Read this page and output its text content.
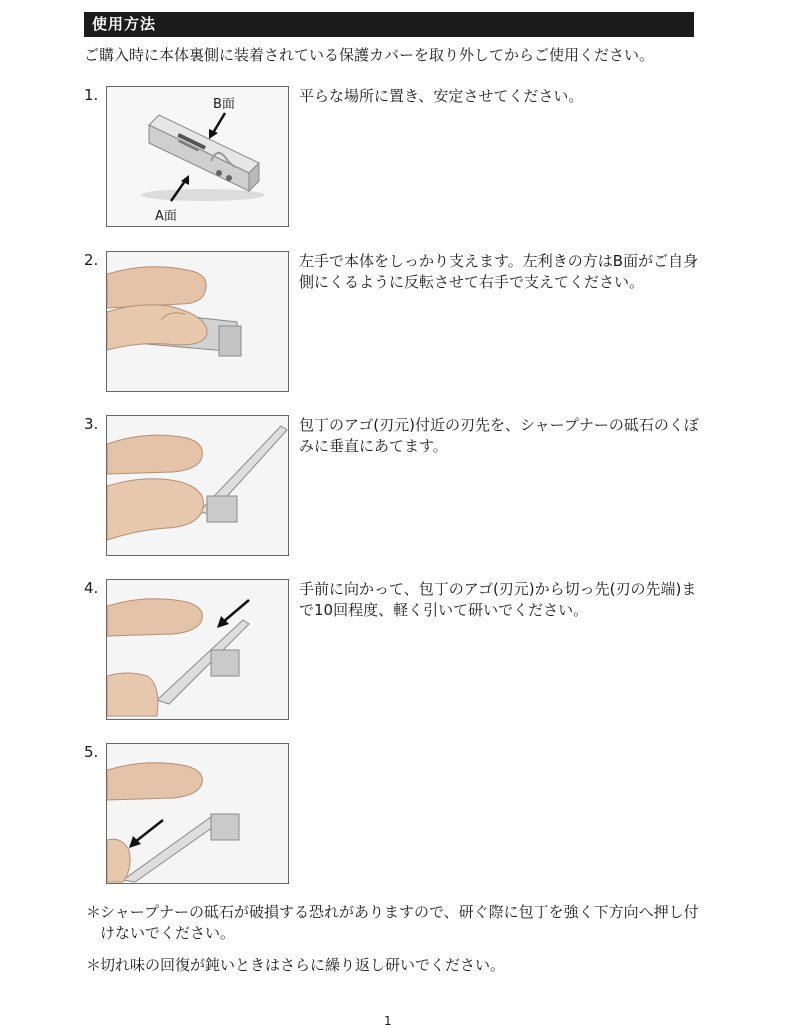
使用方法
ご購入時に本体裏側に装着されている保護カバーを取り外してからご使用ください。
1.
B面
A面
平らな場所に置き、安定させてください。
2.	左手で本体をしっかり支えます。左利きの方はB面がご自身側にくるように反転させて右手で支えてください。
3.	包丁のアゴ(刃元)付近の刃先を、シャープナーの砥石のくぼみに垂直にあてます。
4.	手前に向かって、包丁のアゴ(刃元)から切っ先(刃の先端)まで10回程度、軽く引いて研いでください。
5.
＊
シャープナーの砥石が破損する恐れがありますので、研ぐ際に包丁を強く下方向へ押し付けないでください。
＊
切れ味の回復が鈍いときはさらに繰り返し研いでください。
1
